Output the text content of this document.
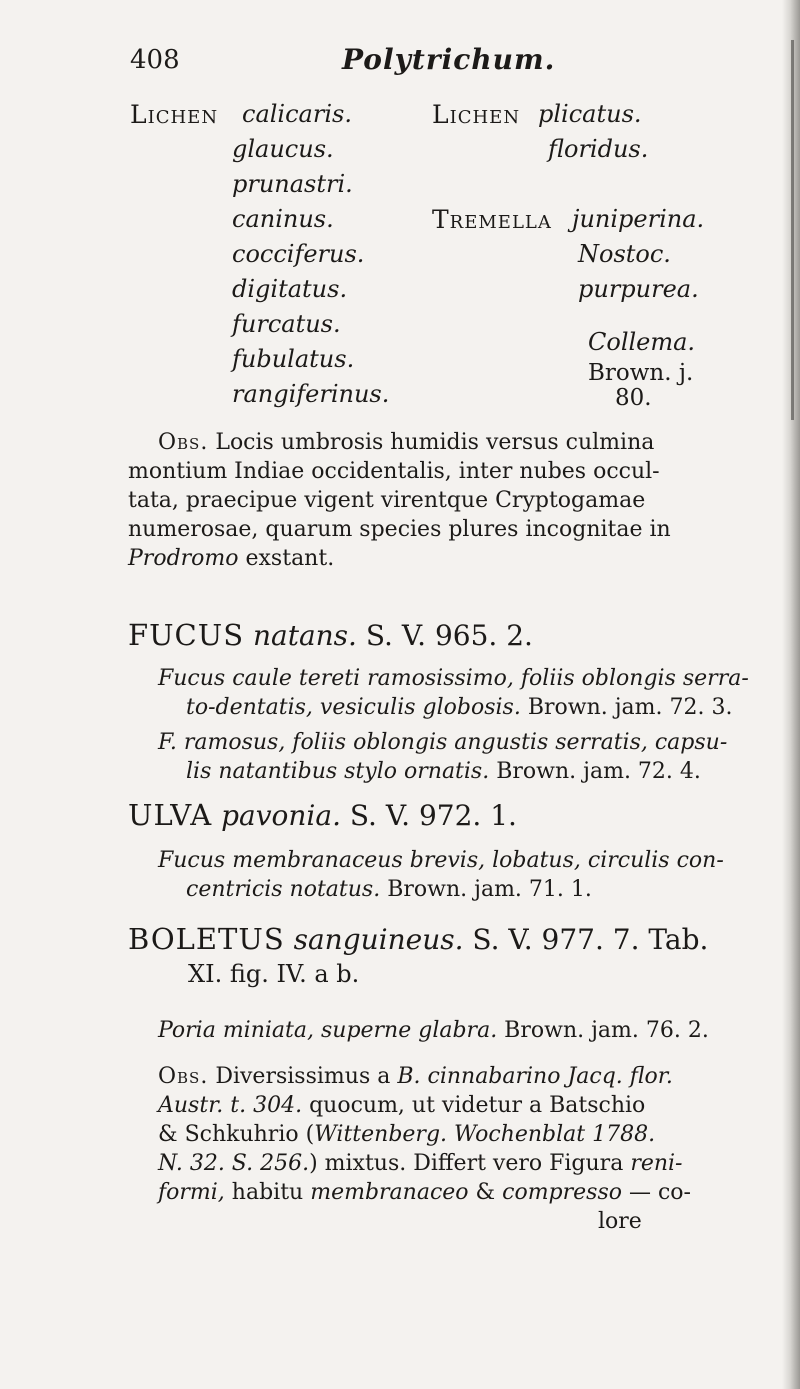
408	Polytrichum.
Lichen calicaris.
glaucus.
prunastri.
caninus.
cocciferus.
digitatus.
furcatus.
fubulatus.
rangiferinus.
Lichen plicatus.
floridus.
Tremella juniperina.
Nostoc.
purpurea.
Collema.
Brown. j.
80.
Obs. Locis umbrosis humidis versus culmina
montium Indiae occidentalis, inter nubes occul-
tata, praecipue vigent virentque Cryptogamae
numerosae, quarum species plures incognitae in
Prodromo exstant.
FUCUS natans. S. V. 965. 2.
Fucus caule tereti ramosissimo, foliis oblongis serra-
to-dentatis, vesiculis globosis. Brown. jam. 72. 3.
F. ramosus, foliis oblongis angustis serratis, capsu-
lis natantibus stylo ornatis. Brown. jam. 72. 4.
ULVA pavonia. S. V. 972. 1.
Fucus membranaceus brevis, lobatus, circulis con-
centricis notatus. Brown. jam. 71. 1.
BOLETUS sanguineus. S. V. 977. 7. Tab.
XI. fig. IV. a b.
Poria miniata, superne glabra. Brown. jam. 76. 2.
Obs. Diversissimus a B. cinnabarino Jacq. flor.
Austr. t. 304. quocum, ut videtur a Batschio
& Schkuhrio (Wittenberg. Wochenblat 1788.
N. 32. S. 256.) mixtus. Differt vero Figura reni-
formi, habitu membranaceo & compresso — co-
lore
